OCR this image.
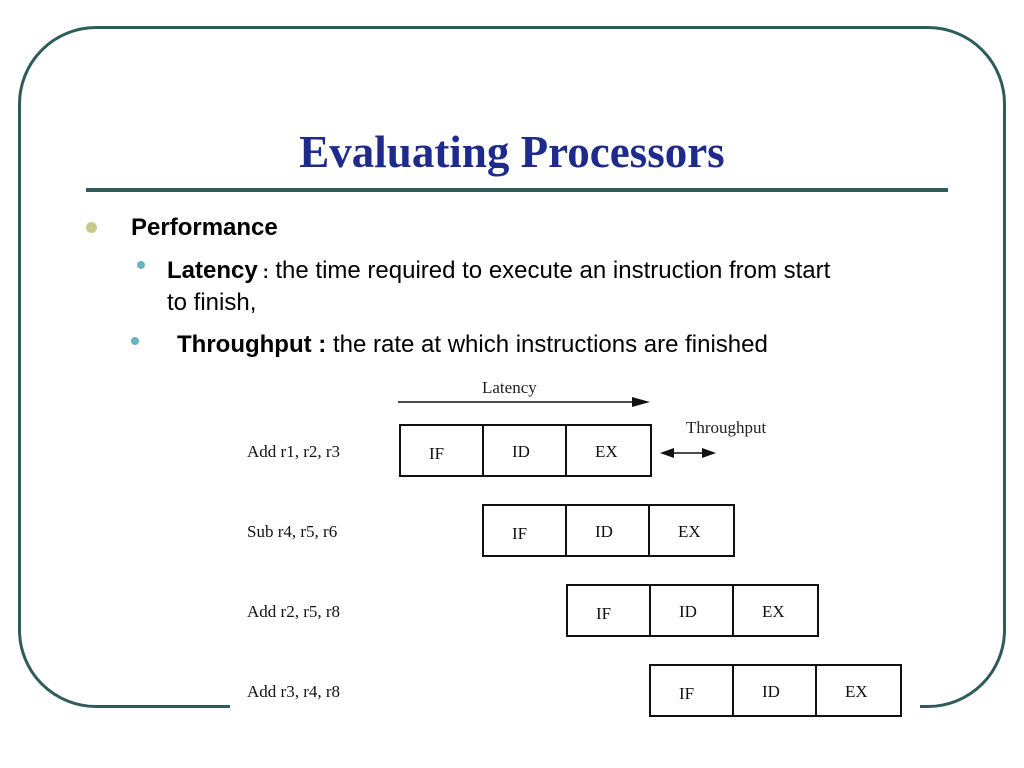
Evaluating Processors
Performance
Latency : the time required to execute an instruction from start
to finish,
Throughput : the rate at which instructions are finished
Latency
Throughput
Add r1, r2, r3	IF	ID	EX
Sub r4, r5, r6	IF	ID	EX
Add r2, r5, r8	IF	ID	EX
Add r3, r4, r8	IF	ID	EX
